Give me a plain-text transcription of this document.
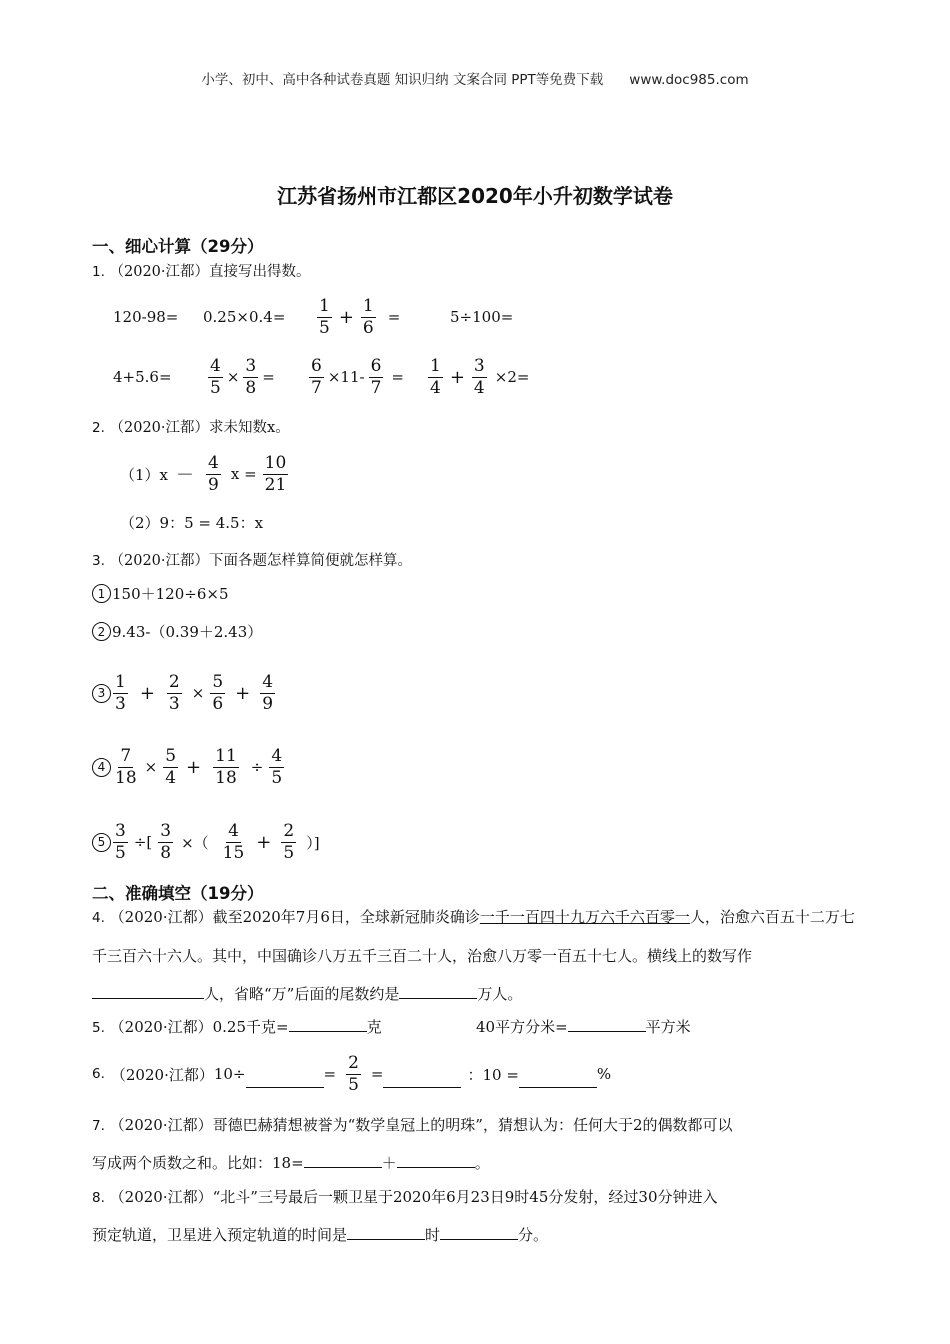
小学、初中、高中各种试卷真题 知识归纳 文案合同 PPT等免费下载 www.doc985.com
江苏省扬州市江都区2020年小升初数学试卷
一、细心计算（29分）
1. （2020·江都）直接写出得数。
$120-98= 0.25\times 0.4= \frac{1}{5} + \frac{1}{6}$ =	5÷100=
$4+5.6= \frac{4}{5} \times \frac{3}{8} = \frac{6}{7} \times 11- \frac{6}{7} = \frac{1}{4} + \frac{3}{4} \times 2=$
2. （2020·江都）求未知数x。
$(1)x - \frac{4}{9}$ $x = \frac{10}{21}$
（2）9：5 = 4.5：x
3. （2020·江都）下面各题怎样算简便就怎样算。
1 150＋120÷6×5
2 9.43-（0.39＋2.43）
$3 \frac{1}{3} + \frac{2}{3} \times \frac{5}{6} + \frac{4}{9}$
$4 \frac{7}{18} \times \frac{5}{4} + \frac{11}{18} \div \frac{4}{5}$
$5 \frac{3}{5}$ ÷[ $\frac{3}{8}$ ×（ $\frac{4}{15} + \frac{2}{5}$ ）]
二、准确填空（19分）
4. （2020·江都）截至2020年7月6日，全球新冠肺炎确诊一千一百四十九万六千六百零一人，治愈六百五十二万七千三百六十六人。其中，中国确诊八万五千三百二十人，治愈八万零一百五十七人。横线上的数写作人，省略“万”后面的尾数约是	万人。
5. （2020·江都）0.25千克=	克	40平方分米=	平方米
6. （2020·江都） 10÷	= $\frac{2}{5}$ =	：10 =	%
7. （2020·江都）哥德巴赫猜想被誉为“数学皇冠上的明珠”，猜想认为：任何大于2的偶数都可以
写成两个质数之和。比如：18=	＋	。
8. （2020·江都）“北斗”三号最后一颗卫星于2020年6月23日9时45分发射，经过30分钟进入
预定轨道，卫星进入预定轨道的时间是	时	分。
